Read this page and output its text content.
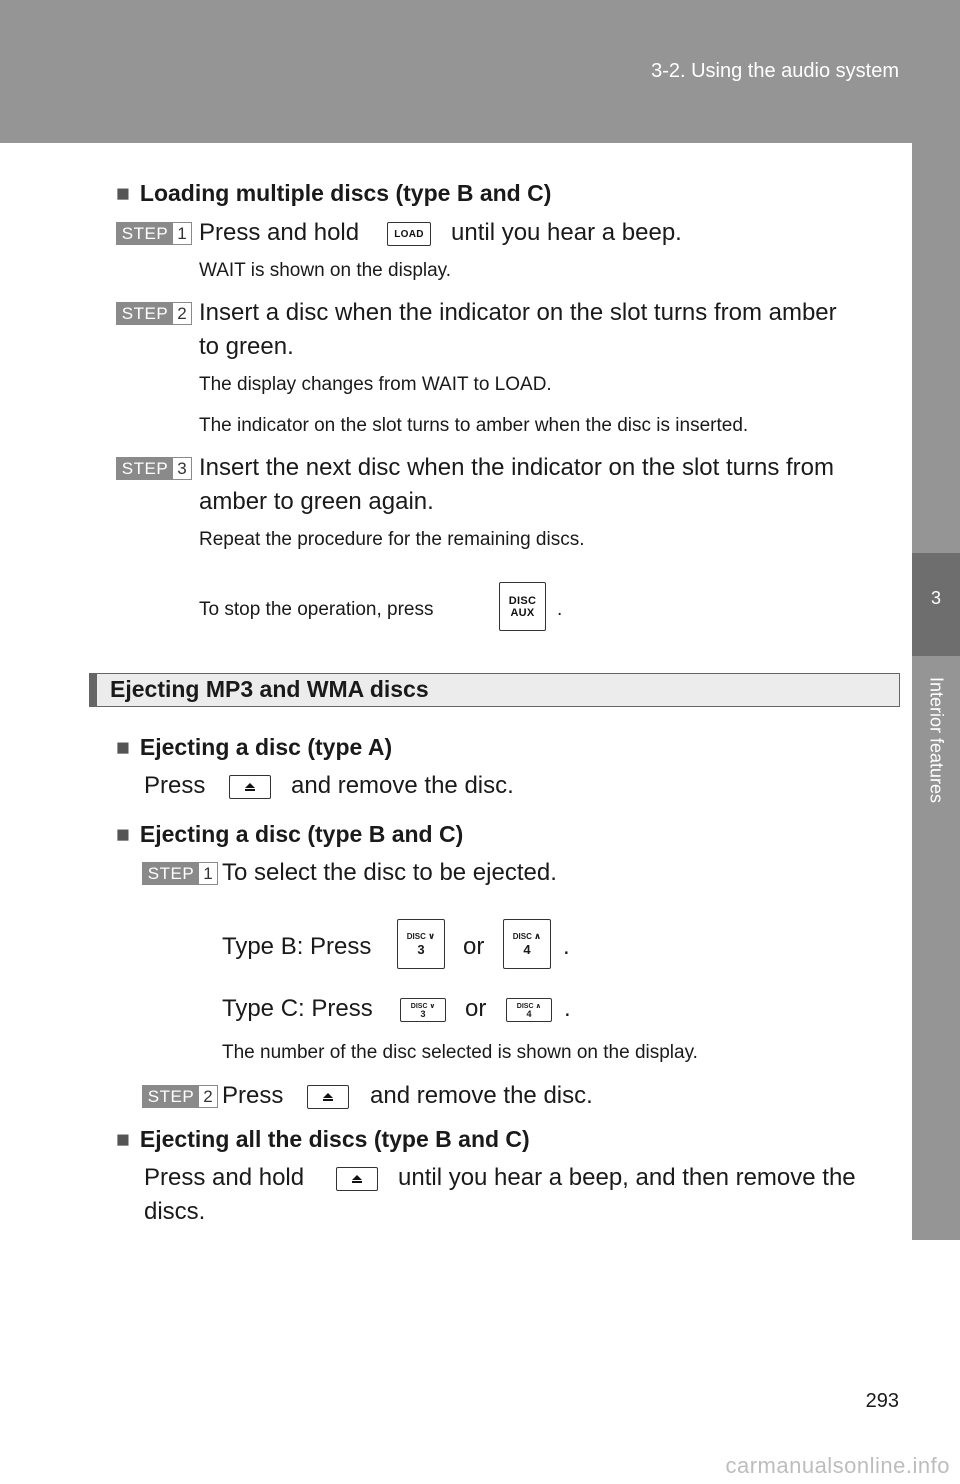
3-2. Using the audio system
3
Interior features
■ Loading multiple discs (type B and C)
STEP 1 Press and hold	LOAD until you hear a beep.
WAIT is shown on the display.
STEP 2 Insert a disc when the indicator on the slot turns from amber
to green.
The display changes from WAIT to LOAD.
The indicator on the slot turns to amber when the disc is inserted.
STEP 3 Insert the next disc when the indicator on the slot turns from
amber to green again.
Repeat the procedure for the remaining discs.
To stop the operation, press	DISC
AUX .
Ejecting MP3 and WMA discs
■ Ejecting a disc (type A)
Press	and remove the disc.
■ Ejecting a disc (type B and C)
STEP 1 To select the disc to be ejected.
Type B: Press	DISC ∨
3 or	DISC ∧
4 .
Type C: Press	DISC ∨
3 or	DISC ∧
4 .
The number of the disc selected is shown on the display.
STEP 2 Press	and remove the disc.
■ Ejecting all the discs (type B and C)
Press and hold	until you hear a beep, and then remove the
discs.
293
carmanualsonline.info
